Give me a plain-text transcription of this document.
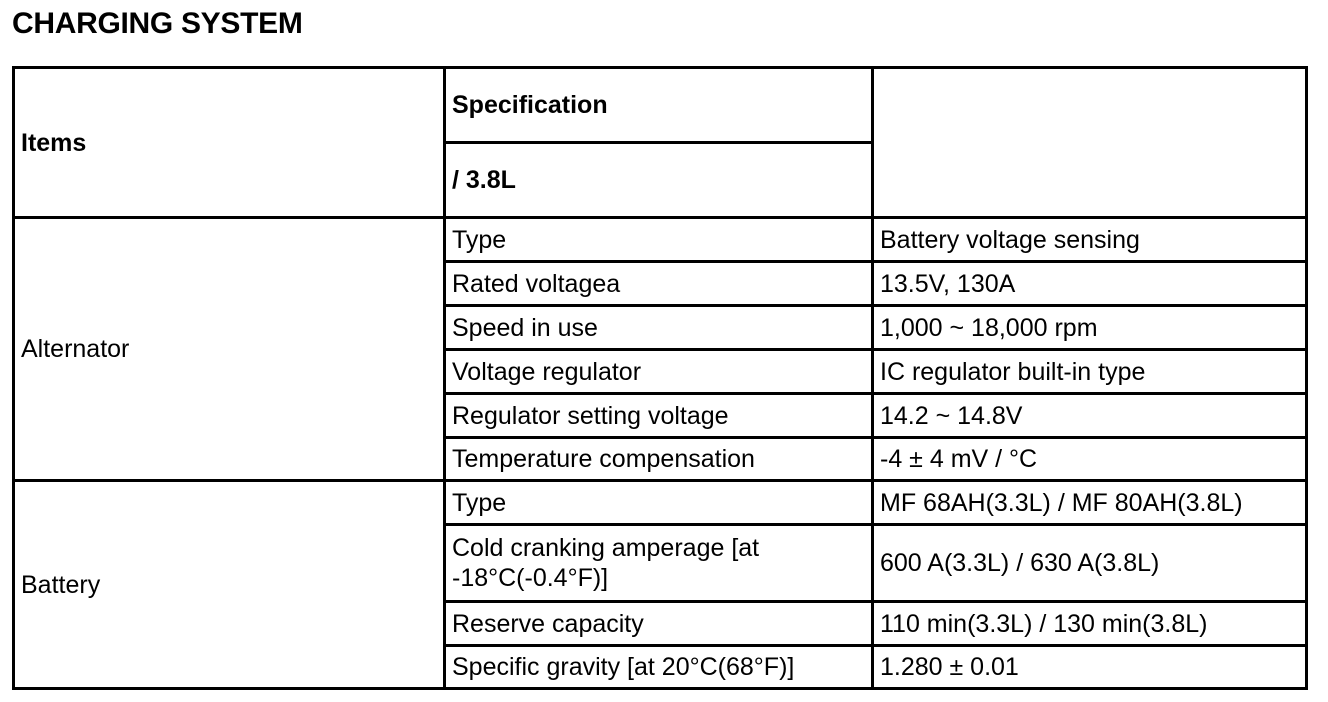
CHARGING SYSTEM
Items	Specification	
	/ 3.8L	
Alternator	Type	Battery voltage sensing
	Rated voltagea	13.5V, 130A
	Speed in use	1,000 ~ 18,000 rpm
	Voltage regulator	IC regulator built-in type
	Regulator setting voltage	14.2 ~ 14.8V
	Temperature compensation	-4 ± 4 mV / °C
Battery	Type	MF 68AH(3.3L) / MF 80AH(3.8L)
	Cold cranking amperage [at -18°C(-0.4°F)]	600 A(3.3L) / 630 A(3.8L)
	Reserve capacity	110 min(3.3L) / 130 min(3.8L)
	Specific gravity [at 20°C(68°F)]	1.280 ± 0.01
